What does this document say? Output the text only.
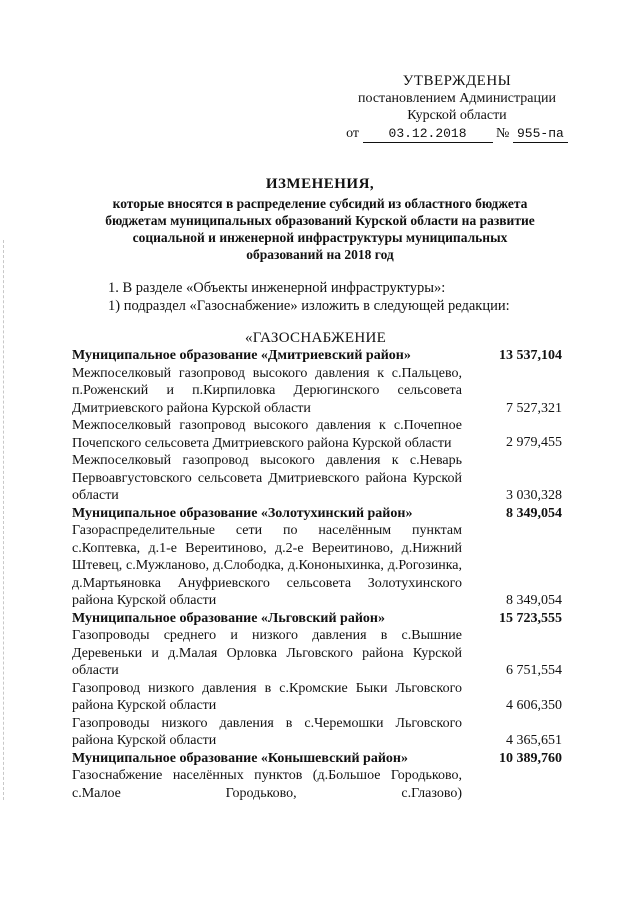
УТВЕРЖДЕНЫ
постановлением Администрации
Курской области
от 03.12.2018 № 955-па
ИЗМЕНЕНИЯ,
которые вносятся в распределение субсидий из областного бюджета
бюджетам муниципальных образований Курской области на развитие
социальной и инженерной инфраструктуры муниципальных
образований на 2018 год
1. В разделе «Объекты инженерной инфраструктуры»:
1) подраздел «Газоснабжение» изложить в следующей редакции:
«ГАЗОСНАБЖЕНИЕ
Муниципальное образование «Дмитриевский район»	13 537,104
Межпоселковый газопровод высокого давления к с.Пальцево, п.Роженский и п.Кирпиловка Дерюгинского сельсовета Дмитриевского района Курской области	7 527,321
Межпоселковый газопровод высокого давления к с.Почепное Почепского сельсовета Дмитриевского района Курской области	2 979,455
Межпоселковый газопровод высокого давления к с.Неварь Первоавгустовского сельсовета Дмитриевского района Курской области	3 030,328
Муниципальное образование «Золотухинский район»	8 349,054
Газораспределительные сети по населённым пунктам с.Коптевка, д.1-е Вереитиново, д.2-е Вереитиново, д.Нижний Штевец, с.Мужланово, д.Слободка, д.Кононыхинка, д.Рогозинка, д.Мартьяновка Ануфриевского сельсовета Золотухинского района Курской области	8 349,054
Муниципальное образование «Льговский район»	15 723,555
Газопроводы среднего и низкого давления в с.Вышние Деревеньки и д.Малая Орловка Льговского района Курской области	6 751,554
Газопровод низкого давления в с.Кромские Быки Льговского района Курской области	4 606,350
Газопроводы низкого давления в с.Черемошки Льговского района Курской области	4 365,651
Муниципальное образование «Конышевский район»	10 389,760
Газоснабжение населённых пунктов (д.Большое Городьково, с.Малое Городьково, с.Глазово)
